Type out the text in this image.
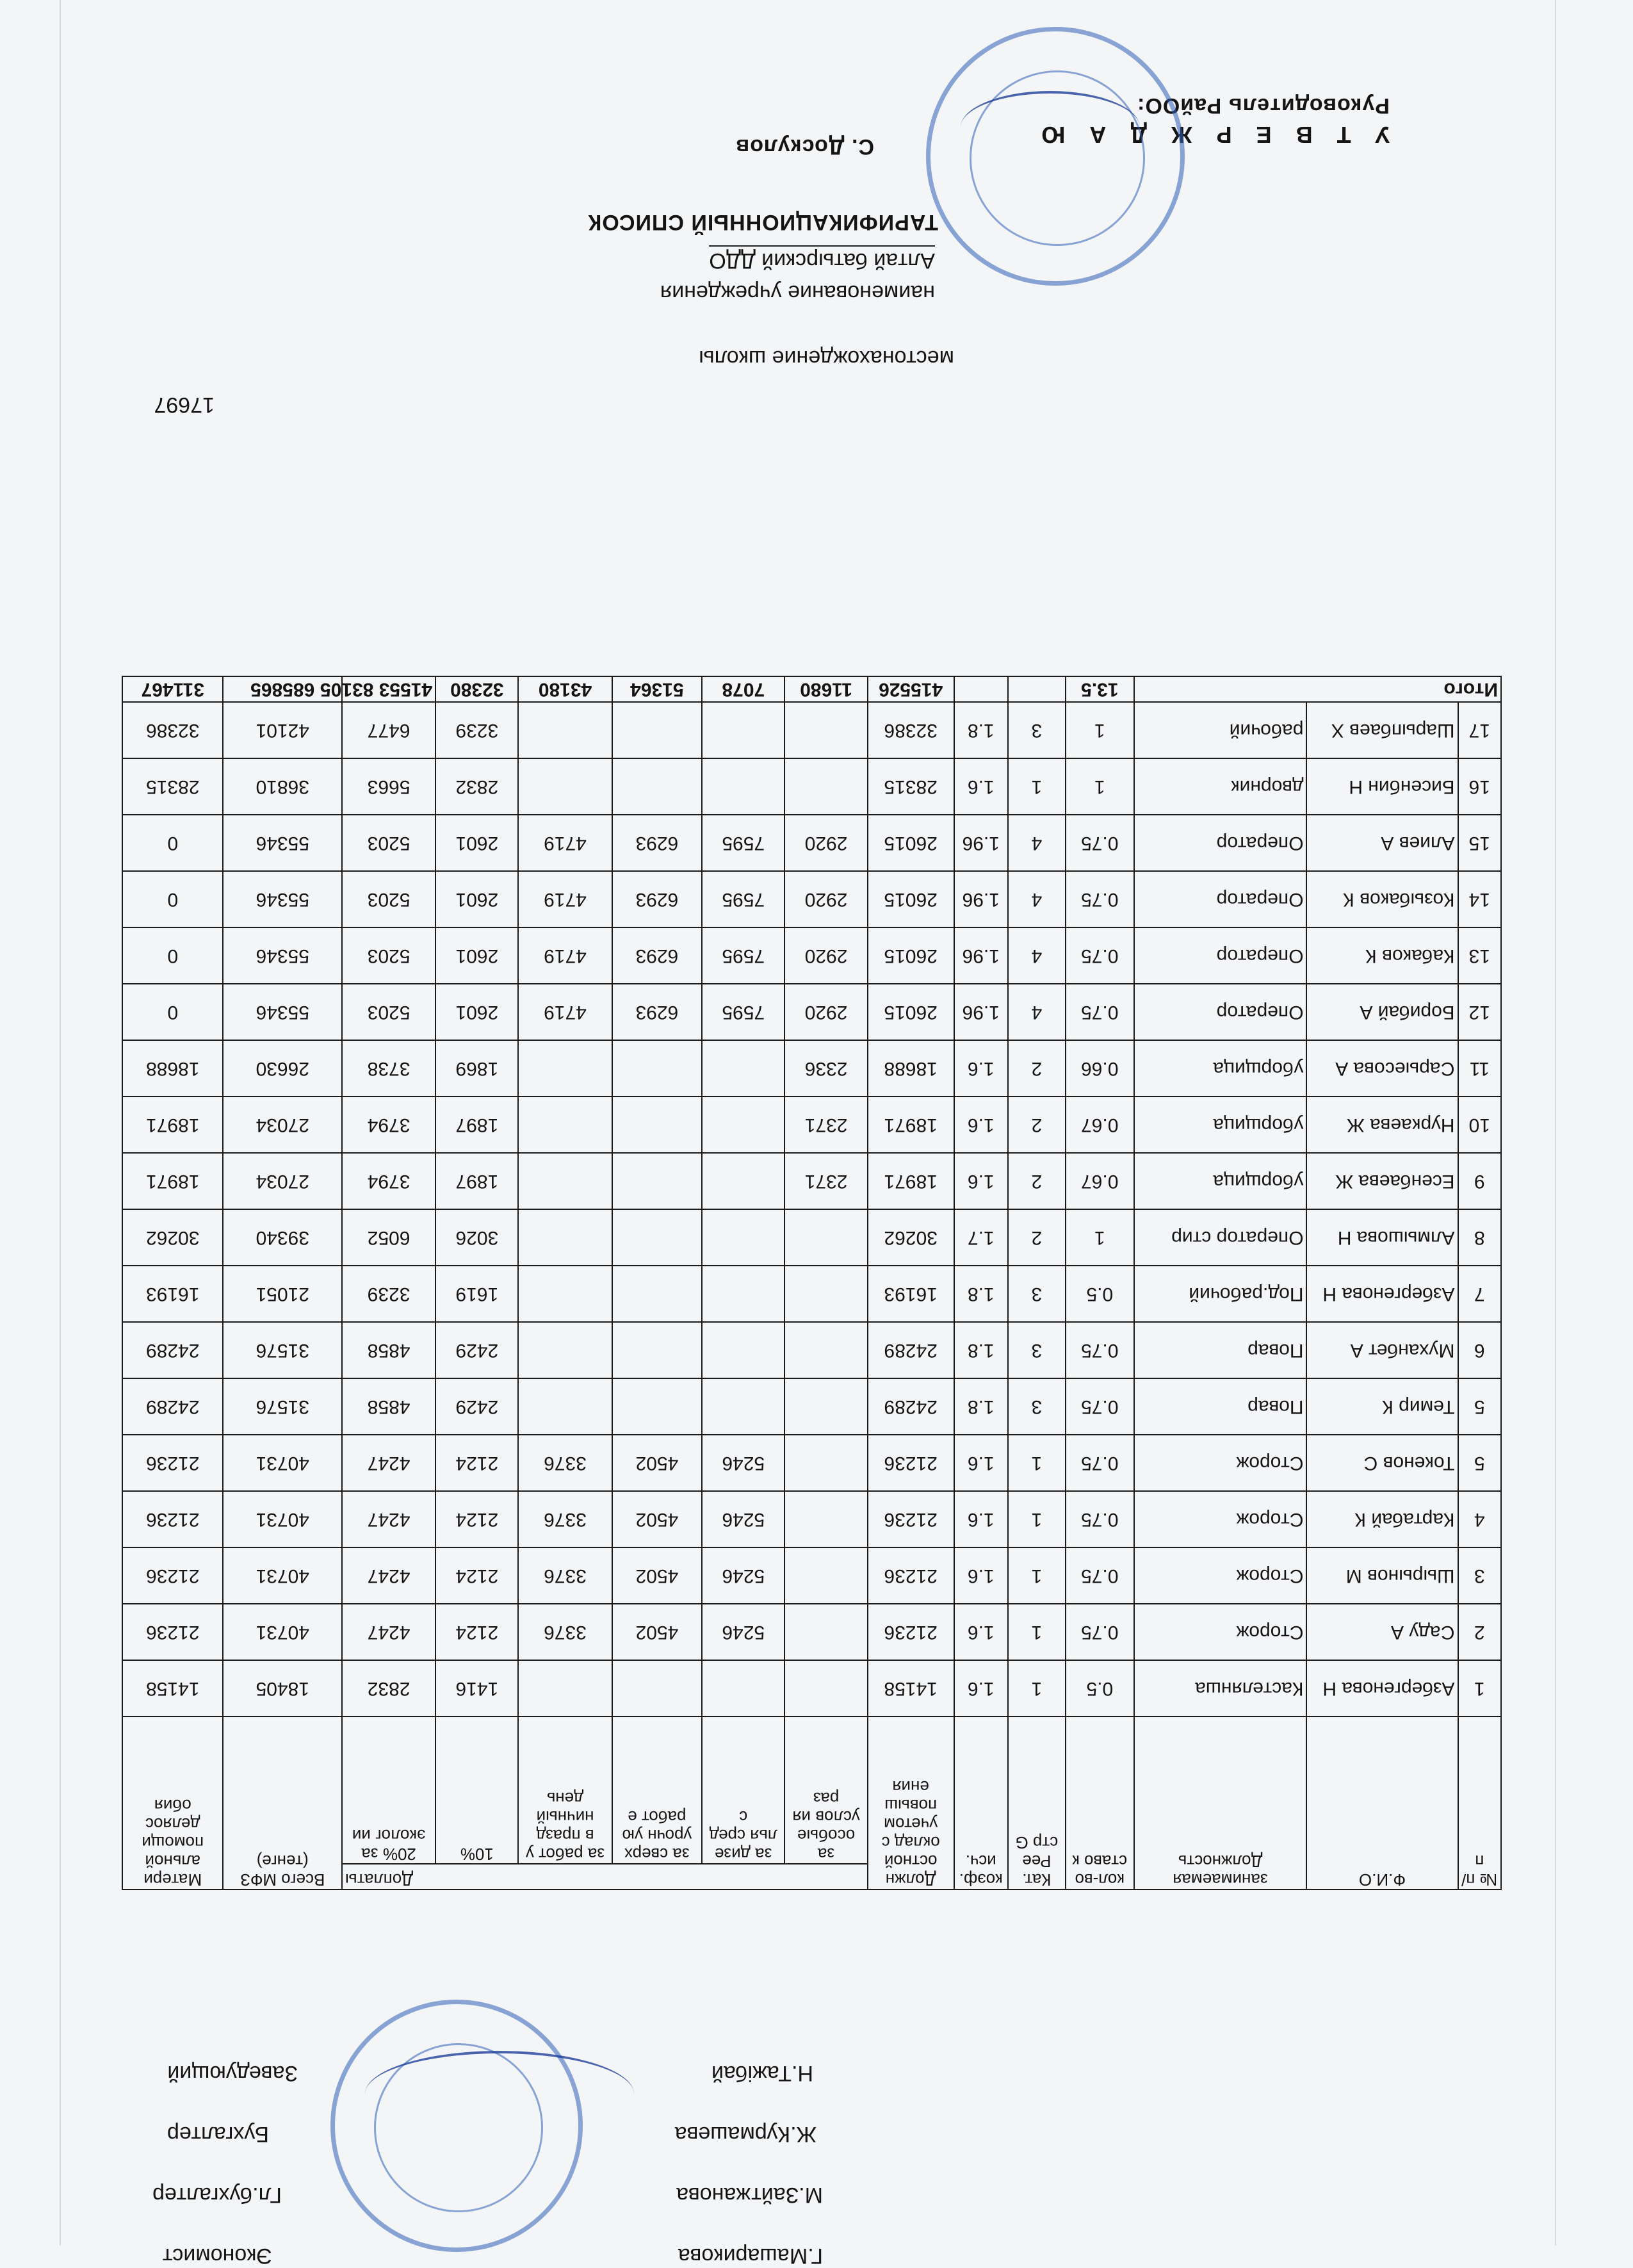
У Т В Е Р Ж Д А Ю
Руководитель РайОО:
С. Доскулов
ТАРИФИКАЦИОННЫЙ СПИСОК
Алтай батырский ДДО
наименование учреждения
местонахождение школы
17697
№ п/п	Ф.И.О	занимаемая Должность	кол-во ставо к	Кат. Рее стр G	коэф. исч.	Должн остной оклад с учетом повыш ения	Доплаты						Всего МФЗ (тенге)	Матери альной помощи деляос обия
							за особые услов ия раз	за дизе лья сред с	за сверх урочн ую работ е	за работ у в празд ничный день	10%	20% за эколог ии		
1	Азбергенова Н	Кастелянша	0.5	1	1.6	14158					1416	2832	18405	14158
2	Саду А	Сторож	0.75	1	1.6	21236		5246	4502	3376	2124	4247	40731	21236
3	Шырынов М	Сторож	0.75	1	1.6	21236		5246	4502	3376	2124	4247	40731	21236
4	Картабай К	Сторож	0.75	1	1.6	21236		5246	4502	3376	2124	4247	40731	21236
5	Токенов С	Сторож	0.75	1	1.6	21236		5246	4502	3376	2124	4247	40731	21236
5	Темир К	Повар	0.75	3	1.8	24289					2429	4858	31576	24289
6	Муханбет А	Повар	0.75	3	1.8	24289					2429	4858	31576	24289
7	Азбергенова Н	Под.рабочий	0.5	3	1.8	16193					1619	3239	21051	16193
8	Алмышова Н	Оператор стир	1	2	1.7	30262					3026	6052	39340	30262
9	Есенбаева Ж	уборщица	0.67	2	1.6	18971	2371				1897	3794	27034	18971
10	Нуркаева Ж	уборщица	0.67	2	1.6	18971	2371				1897	3794	27034	18971
11	Сарыесова А	уборщица	0.66	2	1.6	18688	2336				1869	3738	26630	18688
12	Борибай А	Оператор	0.75	4	1.96	26015	2920	7595	6293	4719	2601	5203	55346	0
13	Кабаков К	Оператор	0.75	4	1.96	26015	2920	7595	6293	4719	2601	5203	55346	0
14	Козыбаков К	Оператор	0.75	4	1.96	26015	2920	7595	6293	4719	2601	5203	55346	0
15	Алиев А	Оператор	0.75	4	1.96	26015	2920	7595	6293	4719	2601	5203	55346	0
16	Бисенбин Н	дворник	1	1	1.6	28315					2832	5663	36810	28315
17	Шарыпбаев Х	рабочий	1	3	1.8	32386					3239	6477	42101	32386
Итого			13.5			415526	11680	7078	51364	43180	32380	41553 83105	685865	311467
Заведующий	Н.Тажібай
Бухгалтер	Ж.Курмашева
Гл.бухгалтер	М.Зайтжанова
Экономист	Г.Машарикова
